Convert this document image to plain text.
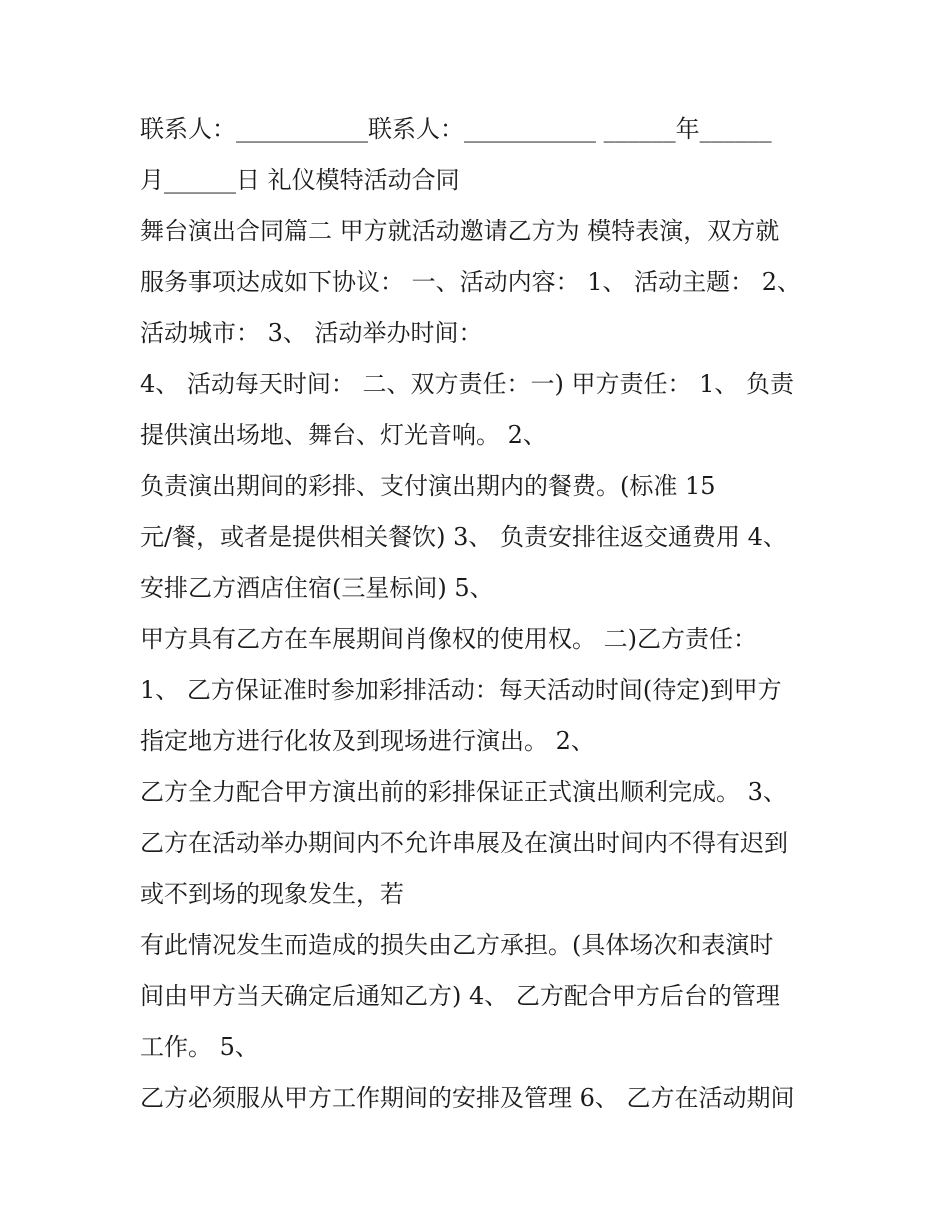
联系人：___________联系人：___________ ______年______
月______日 礼仪模特活动合同
舞台演出合同篇二 甲方就活动邀请乙方为 模特表演，双方就
服务事项达成如下协议： 一、活动内容： 1、 活动主题： 2、
活动城市： 3、 活动举办时间：
4、 活动每天时间： 二、双方责任：一) 甲方责任： 1、 负责
提供演出场地、舞台、灯光音响。 2、
负责演出期间的彩排、支付演出期内的餐费。(标准 15
元/餐，或者是提供相关餐饮) 3、 负责安排往返交通费用 4、
安排乙方酒店住宿(三星标间) 5、
甲方具有乙方在车展期间肖像权的使用权。 二)乙方责任：
1、 乙方保证准时参加彩排活动：每天活动时间(待定)到甲方
指定地方进行化妆及到现场进行演出。 2、
乙方全力配合甲方演出前的彩排保证正式演出顺利完成。 3、
乙方在活动举办期间内不允许串展及在演出时间内不得有迟到
或不到场的现象发生，若
有此情况发生而造成的损失由乙方承担。(具体场次和表演时
间由甲方当天确定后通知乙方) 4、 乙方配合甲方后台的管理
工作。 5、
乙方必须服从甲方工作期间的安排及管理 6、 乙方在活动期间
